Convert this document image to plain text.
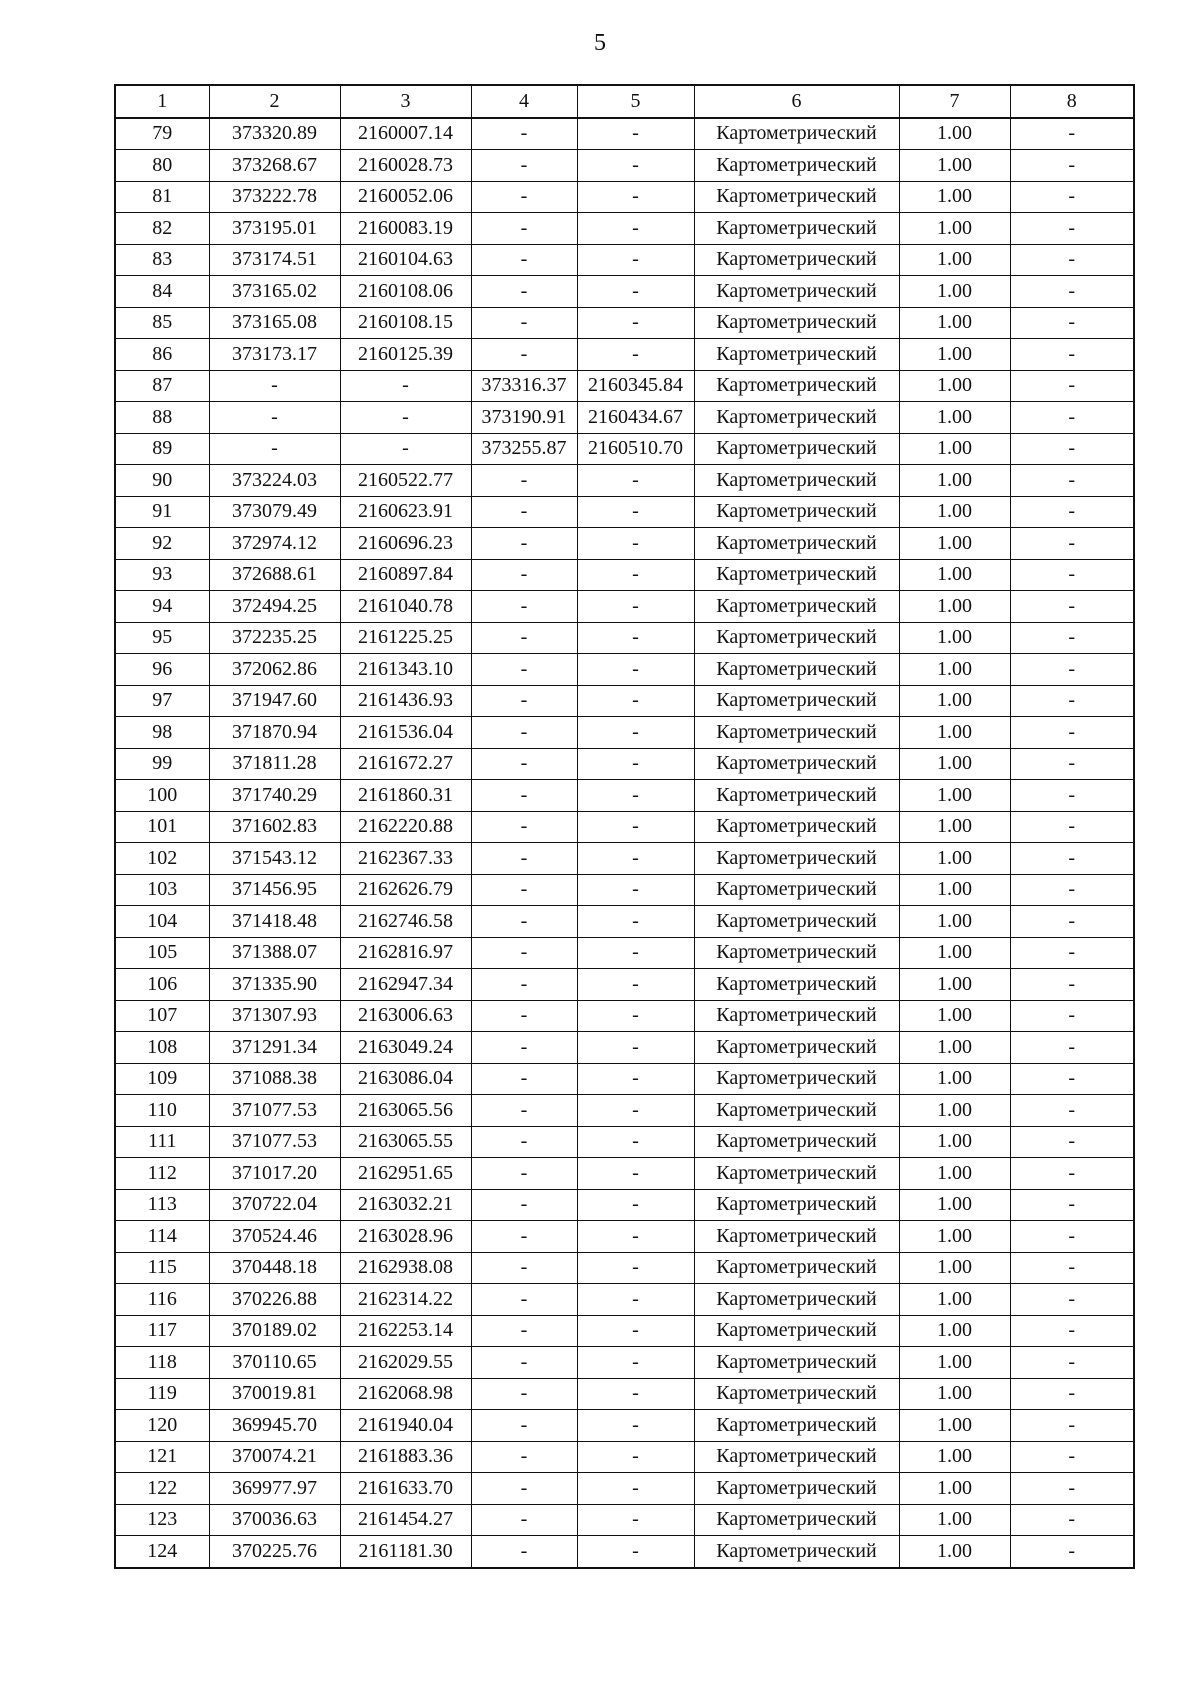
5
1	2	3	4	5	6	7	8
79	373320.89	2160007.14	-	-	Картометрический	1.00	-
80	373268.67	2160028.73	-	-	Картометрический	1.00	-
81	373222.78	2160052.06	-	-	Картометрический	1.00	-
82	373195.01	2160083.19	-	-	Картометрический	1.00	-
83	373174.51	2160104.63	-	-	Картометрический	1.00	-
84	373165.02	2160108.06	-	-	Картометрический	1.00	-
85	373165.08	2160108.15	-	-	Картометрический	1.00	-
86	373173.17	2160125.39	-	-	Картометрический	1.00	-
87	-	-	373316.37	2160345.84	Картометрический	1.00	-
88	-	-	373190.91	2160434.67	Картометрический	1.00	-
89	-	-	373255.87	2160510.70	Картометрический	1.00	-
90	373224.03	2160522.77	-	-	Картометрический	1.00	-
91	373079.49	2160623.91	-	-	Картометрический	1.00	-
92	372974.12	2160696.23	-	-	Картометрический	1.00	-
93	372688.61	2160897.84	-	-	Картометрический	1.00	-
94	372494.25	2161040.78	-	-	Картометрический	1.00	-
95	372235.25	2161225.25	-	-	Картометрический	1.00	-
96	372062.86	2161343.10	-	-	Картометрический	1.00	-
97	371947.60	2161436.93	-	-	Картометрический	1.00	-
98	371870.94	2161536.04	-	-	Картометрический	1.00	-
99	371811.28	2161672.27	-	-	Картометрический	1.00	-
100	371740.29	2161860.31	-	-	Картометрический	1.00	-
101	371602.83	2162220.88	-	-	Картометрический	1.00	-
102	371543.12	2162367.33	-	-	Картометрический	1.00	-
103	371456.95	2162626.79	-	-	Картометрический	1.00	-
104	371418.48	2162746.58	-	-	Картометрический	1.00	-
105	371388.07	2162816.97	-	-	Картометрический	1.00	-
106	371335.90	2162947.34	-	-	Картометрический	1.00	-
107	371307.93	2163006.63	-	-	Картометрический	1.00	-
108	371291.34	2163049.24	-	-	Картометрический	1.00	-
109	371088.38	2163086.04	-	-	Картометрический	1.00	-
110	371077.53	2163065.56	-	-	Картометрический	1.00	-
111	371077.53	2163065.55	-	-	Картометрический	1.00	-
112	371017.20	2162951.65	-	-	Картометрический	1.00	-
113	370722.04	2163032.21	-	-	Картометрический	1.00	-
114	370524.46	2163028.96	-	-	Картометрический	1.00	-
115	370448.18	2162938.08	-	-	Картометрический	1.00	-
116	370226.88	2162314.22	-	-	Картометрический	1.00	-
117	370189.02	2162253.14	-	-	Картометрический	1.00	-
118	370110.65	2162029.55	-	-	Картометрический	1.00	-
119	370019.81	2162068.98	-	-	Картометрический	1.00	-
120	369945.70	2161940.04	-	-	Картометрический	1.00	-
121	370074.21	2161883.36	-	-	Картометрический	1.00	-
122	369977.97	2161633.70	-	-	Картометрический	1.00	-
123	370036.63	2161454.27	-	-	Картометрический	1.00	-
124	370225.76	2161181.30	-	-	Картометрический	1.00	-
